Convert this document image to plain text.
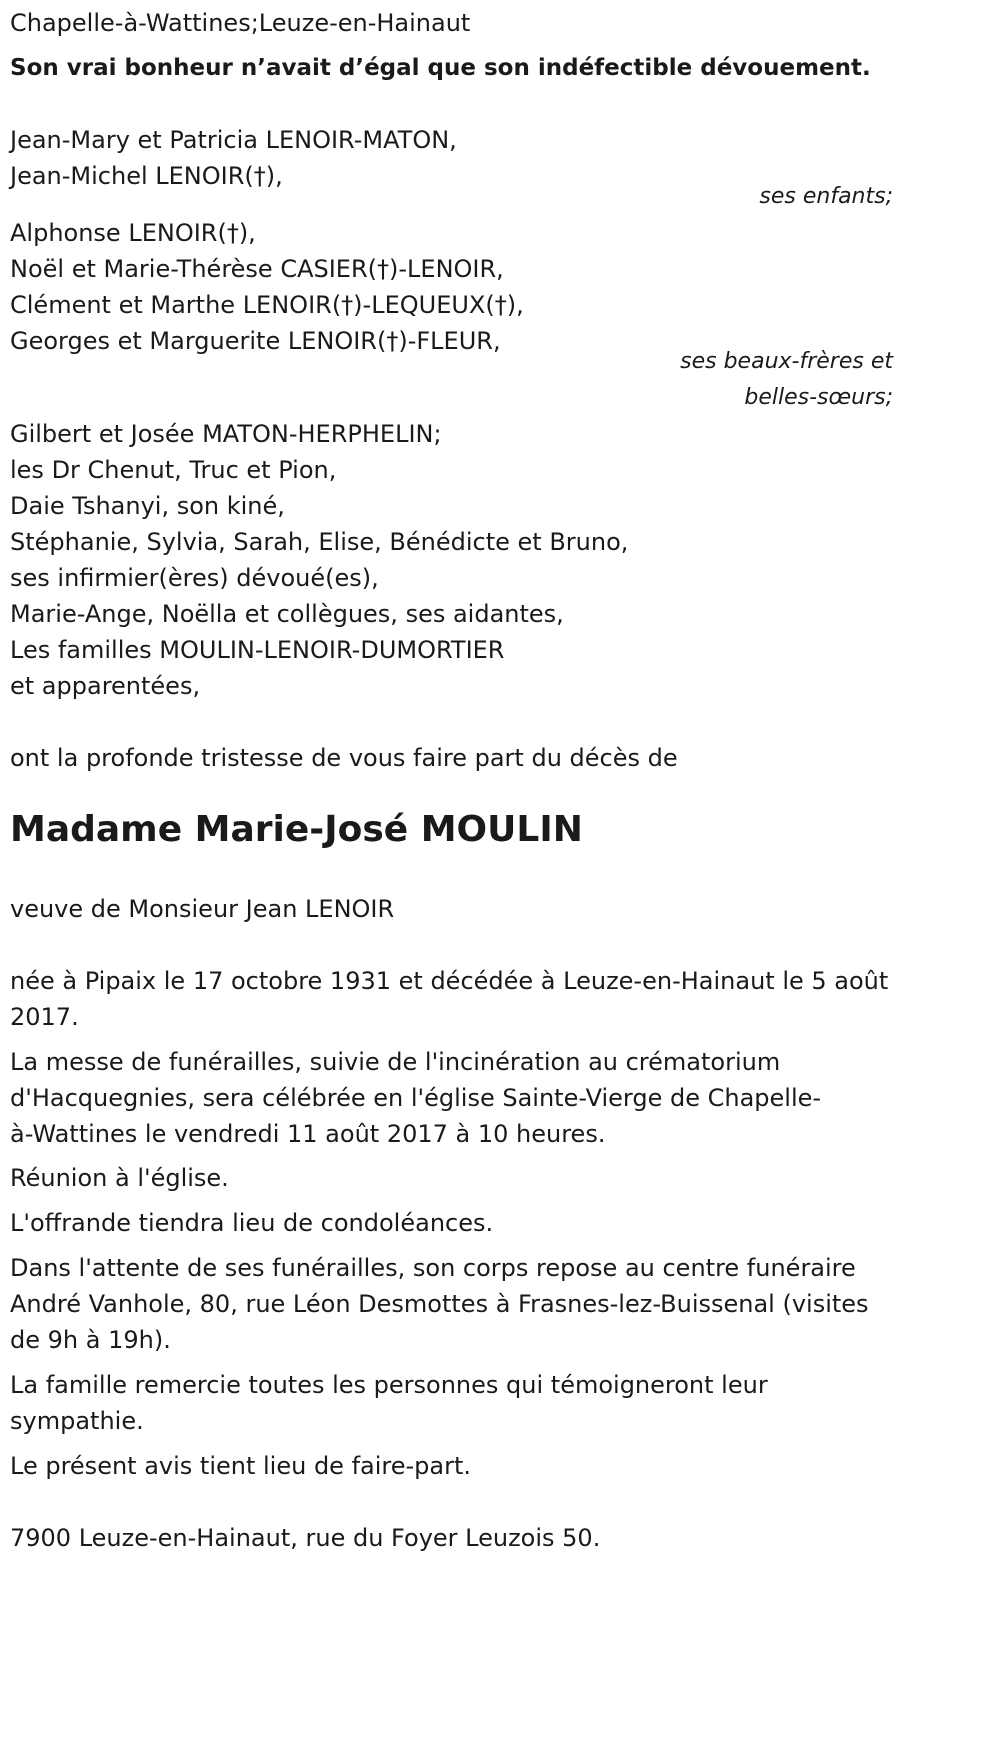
Chapelle-à-Wattines;Leuze-en-Hainaut

Son vrai bonheur n’avait d’égal que son indéfectible dévouement.

Jean-Mary et Patricia LENOIR-MATON,

Jean-Michel LENOIR(†),

ses enfants;

Alphonse LENOIR(†),

Noël et Marie-Thérèse CASIER(†)-LENOIR,

Clément et Marthe LENOIR(†)-LEQUEUX(†),

Georges et Marguerite LENOIR(†)-FLEUR,

ses beaux-frères et

belles-sœurs;

Gilbert et Josée MATON-HERPHELIN;

les Dr Chenut, Truc et Pion,

Daie Tshanyi, son kiné,

Stéphanie, Sylvia, Sarah, Elise, Bénédicte et Bruno,

ses infirmier(ères) dévoué(es),

Marie-Ange, Noëlla et collègues, ses aidantes,

Les familles MOULIN-LENOIR-DUMORTIER

et apparentées,

ont la profonde tristesse de vous faire part du décès de

Madame Marie-José MOULIN

veuve de Monsieur Jean LENOIR

née à Pipaix le 17 octobre 1931 et décédée à Leuze-en-Hainaut le 5 août

2017.

La messe de funérailles, suivie de l'incinération au crématorium

d'Hacquegnies, sera célébrée en l'église Sainte-Vierge de Chapelle-

à-Wattines le vendredi 11 août 2017 à 10 heures.

Réunion à l'église.

L'offrande tiendra lieu de condoléances.

Dans l'attente de ses funérailles, son corps repose au centre funéraire

André Vanhole, 80, rue Léon Desmottes à Frasnes-lez-Buissenal (visites

de 9h à 19h).

La famille remercie toutes les personnes qui témoigneront leur

sympathie.

Le présent avis tient lieu de faire-part.

7900 Leuze-en-Hainaut, rue du Foyer Leuzois 50.
